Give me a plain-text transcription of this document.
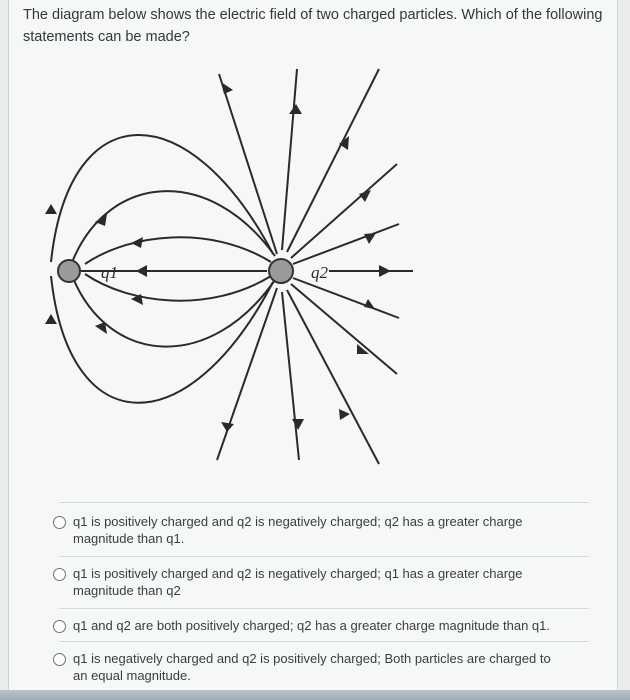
The diagram below shows the electric field of two charged particles. Which of the following statements can be made?
q1	q2
q1 is positively charged and q2 is negatively charged; q2 has a greater charge magnitude than q1.
q1 is positively charged and q2 is negatively charged; q1 has a greater charge magnitude than q2
q1 and q2 are both positively charged; q2 has a greater charge magnitude than q1.
q1 is negatively charged and q2 is positively charged; Both particles are charged to an equal magnitude.
